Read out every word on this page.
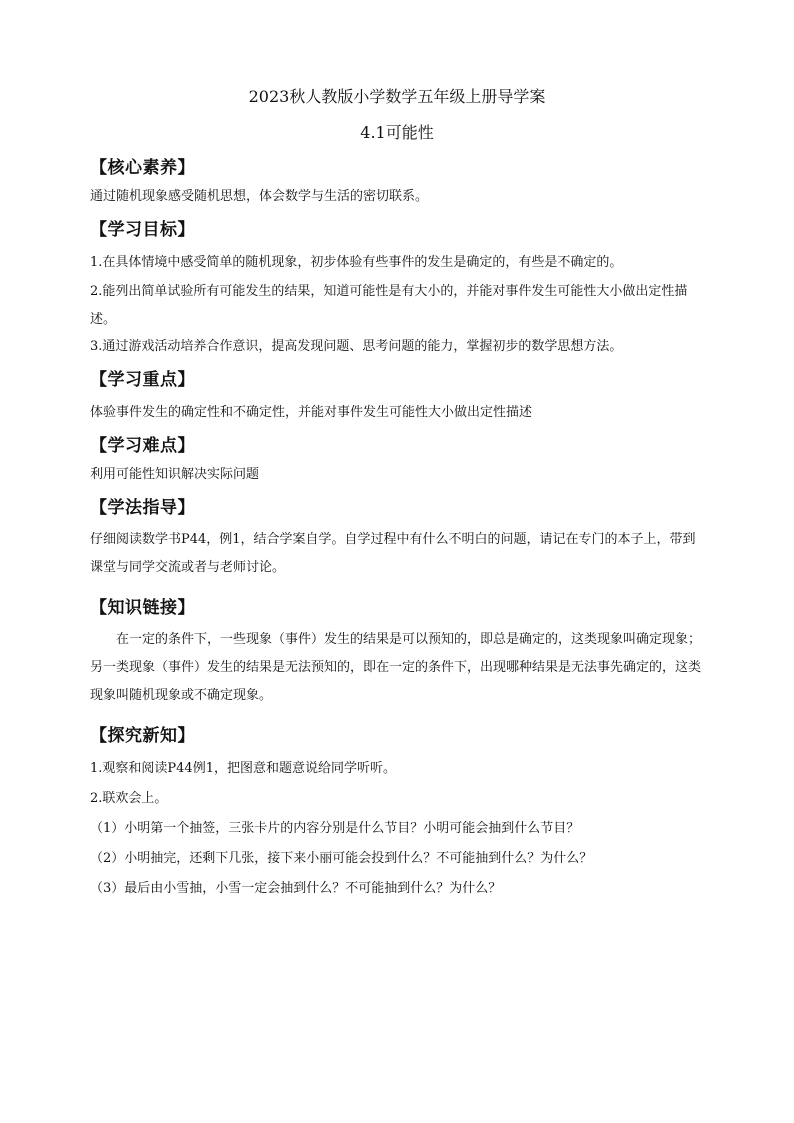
2023秋人教版小学数学五年级上册导学案
4.1可能性
【核心素养】

通过随机现象感受随机思想，体会数学与生活的密切联系。

【学习目标】

1.在具体情境中感受简单的随机现象，初步体验有些事件的发生是确定的，有些是不确定的。

2.能列出简单试验所有可能发生的结果，知道可能性是有大小的，并能对事件发生可能性大小做出定性描述。

3.通过游戏活动培养合作意识，提高发现问题、思考问题的能力，掌握初步的数学思想方法。

【学习重点】

体验事件发生的确定性和不确定性，并能对事件发生可能性大小做出定性描述

【学习难点】

利用可能性知识解决实际问题

【学法指导】

仔细阅读数学书P44，例1，结合学案自学。自学过程中有什么不明白的问题，请记在专门的本子上，带到课堂与同学交流或者与老师讨论。

【知识链接】

在一定的条件下，一些现象（事件）发生的结果是可以预知的，即总是确定的，这类现象叫确定现象；另一类现象（事件）发生的结果是无法预知的，即在一定的条件下，出现哪种结果是无法事先确定的，这类现象叫随机现象或不确定现象。

【探究新知】

1.观察和阅读P44例1，把图意和题意说给同学听听。

2.联欢会上。

（1）小明第一个抽签，三张卡片的内容分别是什么节目？小明可能会抽到什么节目？

（2）小明抽完，还剩下几张，接下来小丽可能会投到什么？不可能抽到什么？为什么？

（3）最后由小雪抽，小雪一定会抽到什么？不可能抽到什么？为什么？
